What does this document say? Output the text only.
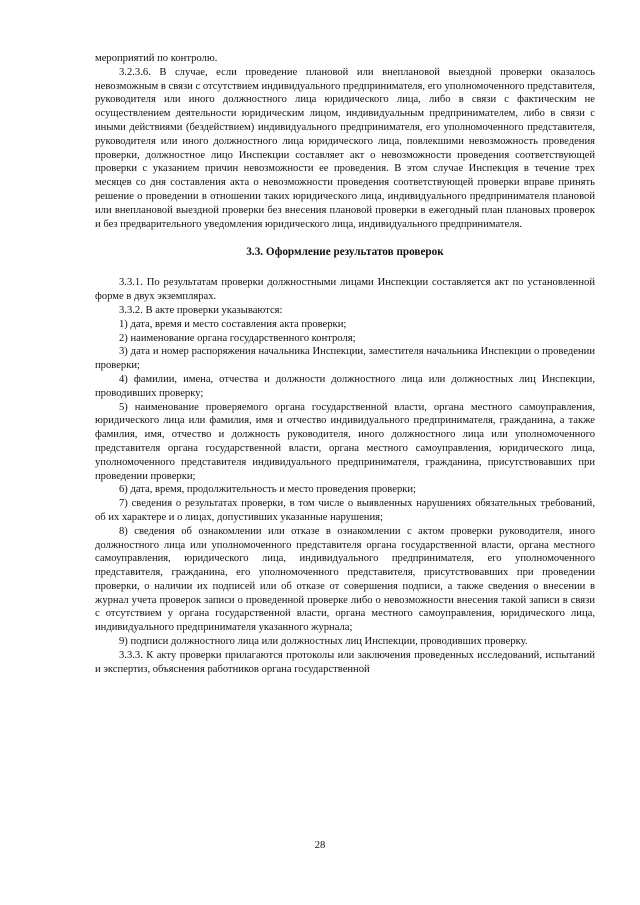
мероприятий по контролю.

3.2.3.6. В случае, если проведение плановой или внеплановой выездной проверки оказалось невозможным в связи с отсутствием индивидуального предпринимателя, его уполномоченного представителя, руководителя или иного должностного лица юридического лица, либо в связи с фактическим не осуществлением деятельности юридическим лицом, индивидуальным предпринимателем, либо в связи с иными действиями (бездействием) индивидуального предпринимателя, его уполномоченного представителя, руководителя или иного должностного лица юридического лица, повлекшими невозможность проведения проверки, должностное лицо Инспекции составляет акт о невозможности проведения соответствующей проверки с указанием причин невозможности ее проведения. В этом случае Инспекция в течение трех месяцев со дня составления акта о невозможности проведения соответствующей проверки вправе принять решение о проведении в отношении таких юридического лица, индивидуального предпринимателя плановой или внеплановой выездной проверки без внесения плановой проверки в ежегодный план плановых проверок и без предварительного уведомления юридического лица, индивидуального предпринимателя.

3.3. Оформление результатов проверок

3.3.1. По результатам проверки должностными лицами Инспекции составляется акт по установленной форме в двух экземплярах.

3.3.2. В акте проверки указываются:

1) дата, время и место составления акта проверки;

2) наименование органа государственного контроля;

3) дата и номер распоряжения начальника Инспекции, заместителя начальника Инспекции о проведении проверки;

4) фамилии, имена, отчества и должности должностного лица или должностных лиц Инспекции, проводивших проверку;

5) наименование проверяемого органа государственной власти, органа местного самоуправления, юридического лица или фамилия, имя и отчество индивидуального предпринимателя, гражданина, а также фамилия, имя, отчество и должность руководителя, иного должностного лица или уполномоченного представителя органа государственной власти, органа местного самоуправления, юридического лица, уполномоченного представителя индивидуального предпринимателя, гражданина, присутствовавших при проведении проверки;

6) дата, время, продолжительность и место проведения проверки;

7) сведения о результатах проверки, в том числе о выявленных нарушениях обязательных требований, об их характере и о лицах, допустивших указанные нарушения;

8) сведения об ознакомлении или отказе в ознакомлении с актом проверки руководителя, иного должностного лица или уполномоченного представителя органа государственной власти, органа местного самоуправления, юридического лица, индивидуального предпринимателя, его уполномоченного представителя, гражданина, его уполномоченного представителя, присутствовавших при проведении проверки, о наличии их подписей или об отказе от совершения подписи, а также сведения о внесении в журнал учета проверок записи о проведенной проверке либо о невозможности внесения такой записи в связи с отсутствием у органа государственной власти, органа местного самоуправления, юридического лица, индивидуального предпринимателя указанного журнала;

9) подписи должностного лица или должностных лиц Инспекции, проводивших проверку.

3.3.3. К акту проверки прилагаются протоколы или заключения проведенных исследований, испытаний и экспертиз, объяснения работников органа государственной

28
